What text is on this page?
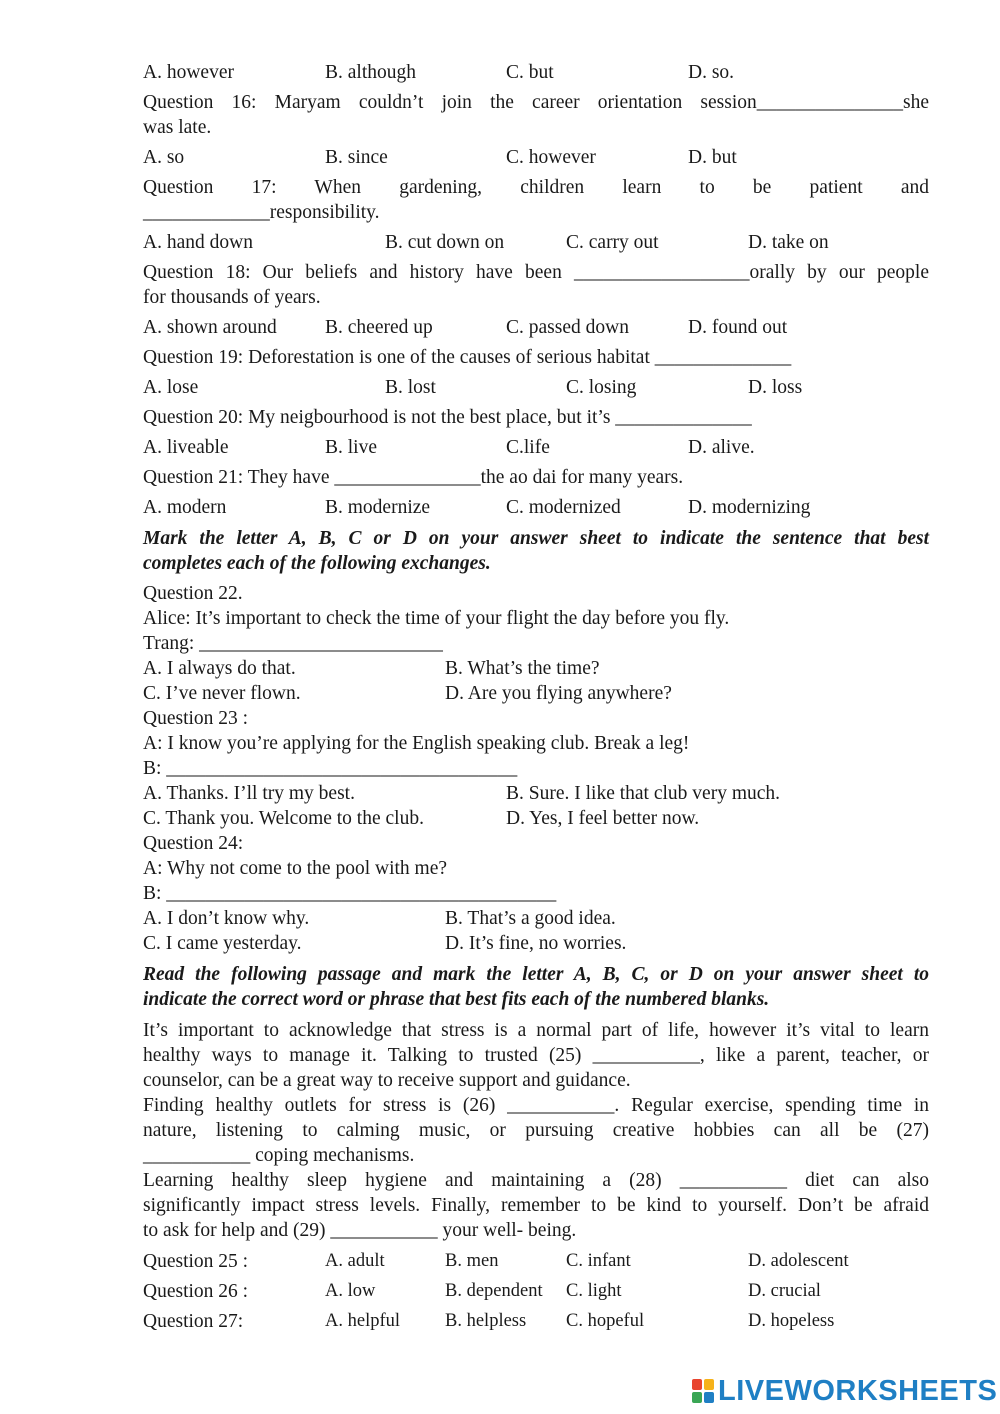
A. however	B. although	C. but	D. so.
Question 16: Maryam couldn’t join the career orientation session_______________she
was late.
A. so	B. since	C. however	D. but
Question 17: When gardening, children learn to be patient and
_____________responsibility.
A. hand down	B. cut down on	C. carry out	D. take on
Question 18: Our beliefs and history have been __________________orally by our people
for thousands of years.
A. shown around B. cheered up	C. passed down	D. found out
Question 19: Deforestation is one of the causes of serious habitat ______________
A. lose	B. lost	C. losing	D. loss
Question 20: My neigbourhood is not the best place, but it’s ______________
A. liveable	B. live	C.life	D. alive.
Question 21: They have _______________the ao dai for many years.
A. modern	B. modernize	C. modernized	D. modernizing
Mark the letter A, B, C or D on your answer sheet to indicate the sentence that best
completes each of the following exchanges.
Question 22.
Alice: It’s important to check the time of your flight the day before you fly.
Trang: _________________________
A. I always do that.	B. What’s the time?
C. I’ve never flown.	D. Are you flying anywhere?
Question 23 :
A: I know you’re applying for the English speaking club. Break a leg!
B: ____________________________________
A. Thanks. I’ll try my best.	B. Sure. I like that club very much.
C. Thank you. Welcome to the club.	D. Yes, I feel better now.
Question 24:
A: Why not come to the pool with me?
B: ________________________________________
A. I don’t know why.	B. That’s a good idea.
C. I came yesterday.	D. It’s fine, no worries.
Read the following passage and mark the letter A, B, C, or D on your answer sheet to
indicate the correct word or phrase that best fits each of the numbered blanks.
It’s important to acknowledge that stress is a normal part of life, however it’s vital to learn
healthy ways to manage it. Talking to trusted (25) ___________, like a parent, teacher, or
counselor, can be a great way to receive support and guidance.
Finding healthy outlets for stress is (26) ___________. Regular exercise, spending time in
nature, listening to calming music, or pursuing creative hobbies can all be (27)
___________ coping mechanisms.
Learning healthy sleep hygiene and maintaining a (28) ___________ diet can also
significantly impact stress levels. Finally, remember to be kind to yourself. Don’t be afraid
to ask for help and (29) ___________ your well- being.
Question 25 :	A. adult	B. men	C. infant	D. adolescent
Question 26 :	A. low	B. dependent C. light	D. crucial
Question 27:	A. helpful B. helpless C. hopeful	D. hopeless
LIVEWORKSHEETS
